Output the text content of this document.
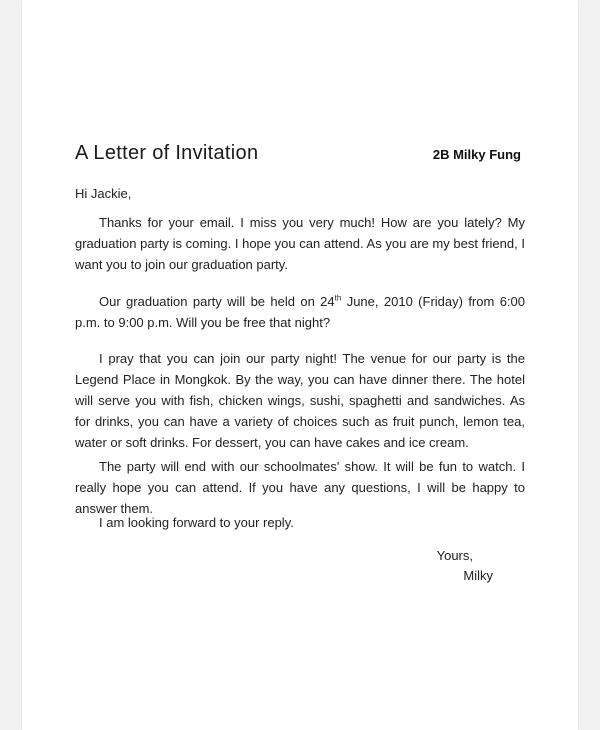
A Letter of Invitation	2B Milky Fung
Hi Jackie,

Thanks for your email. I miss you very much! How are you lately? My graduation party is coming. I hope you can attend. As you are my best friend, I want you to join our graduation party.

Our graduation party will be held on 24th June, 2010 (Friday) from 6:00 p.m. to 9:00 p.m. Will you be free that night?

I pray that you can join our party night! The venue for our party is the Legend Place in Mongkok. By the way, you can have dinner there. The hotel will serve you with fish, chicken wings, sushi, spaghetti and sandwiches. As for drinks, you can have a variety of choices such as fruit punch, lemon tea, water or soft drinks. For dessert, you can have cakes and ice cream.

The party will end with our schoolmates' show. It will be fun to watch. I really hope you can attend. If you have any questions, I will be happy to answer them.

I am looking forward to your reply.

Yours,
Milky
